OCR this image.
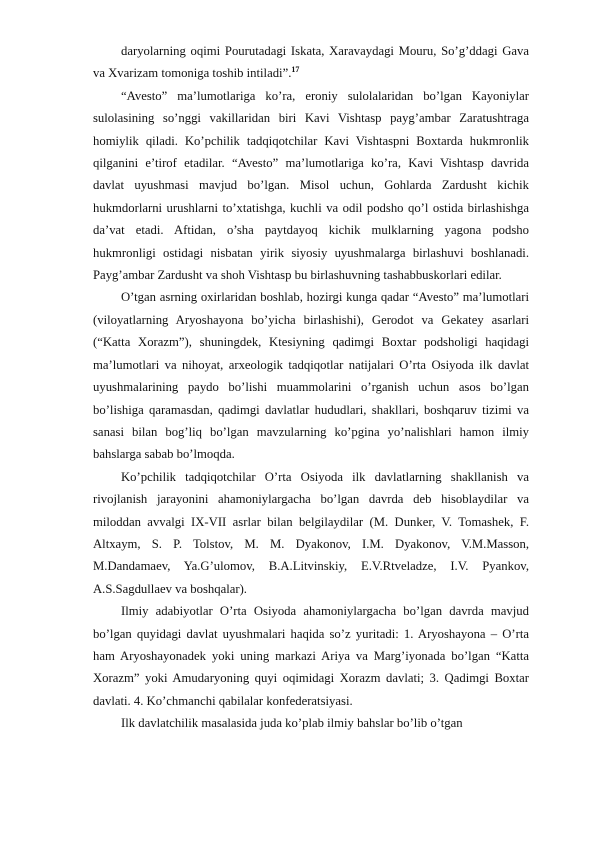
daryolarning oqimi Pourutadagi Iskata, Xaravaydagi Mouru, So’g’ddagi Gava va Xvarizam tomoniga toshib intiladi”.$^{17}$

“Avesto” ma’lumotlariga ko’ra, eroniy sulolalaridan bo’lgan Kayoniylar sulolasining so’nggi vakillaridan biri Kavi Vishtasp payg’ambar Zaratushtraga homiylik qiladi. Ko’pchilik tadqiqotchilar Kavi Vishtaspni Boxtarda hukmronlik qilganini e’tirof etadilar. “Avesto” ma’lumotlariga ko’ra, Kavi Vishtasp davrida davlat uyushmasi mavjud bo’lgan. Misol uchun, Gohlarda Zardusht kichik hukmdorlarni urushlarni to’xtatishga, kuchli va odil podsho qo’l ostida birlashishga da’vat etadi. Aftidan, o’sha paytdayoq kichik mulklarning yagona podsho hukmronligi ostidagi nisbatan yirik siyosiy uyushmalarga birlashuvi boshlanadi. Payg’ambar Zardusht va shoh Vishtasp bu birlashuvning tashabbuskorlari edilar.

O’tgan asrning oxirlaridan boshlab, hozirgi kunga qadar “Avesto” ma’lumotlari (viloyatlarning Aryoshayona bo’yicha birlashishi), Gerodot va Gekatey asarlari (“Katta Xorazm”), shuningdek, Ktesiyning qadimgi Boxtar podsholigi haqidagi ma’lumotlari va nihoyat, arxeologik tadqiqotlar natijalari O’rta Osiyoda ilk davlat uyushmalarining paydo bo’lishi muammolarini o’rganish uchun asos bo’lgan bo’lishiga qaramasdan, qadimgi davlatlar hududlari, shakllari, boshqaruv tizimi va sanasi bilan bog’liq bo’lgan mavzularning ko’pgina yo’nalishlari hamon ilmiy bahslarga sabab bo’lmoqda.

Ko’pchilik tadqiqotchilar O’rta Osiyoda ilk davlatlarning shakllanish va rivojlanish jarayonini ahamoniylargacha bo’lgan davrda deb hisoblaydilar va miloddan avvalgi IX-VII asrlar bilan belgilaydilar (M. Dunker, V. Tomashek, F. Altxaym, S. P. Tolstov, M. M. Dyakonov, I.M. Dyakonov, V.M.Masson, M.Dandamaev, Ya.G’ulomov, B.A.Litvinskiy, E.V.Rtveladze, I.V. Pyankov, A.S.Sagdullaev va boshqalar).

Ilmiy adabiyotlar O’rta Osiyoda ahamoniylargacha bo’lgan davrda mavjud bo’lgan quyidagi davlat uyushmalari haqida so’z yuritadi: 1. Aryoshayona – O’rta ham Aryoshayonadek yoki uning markazi Ariya va Marg’iyonada bo’lgan “Katta Xorazm” yoki Amudaryoning quyi oqimidagi Xorazm davlati; 3. Qadimgi Boxtar davlati. 4. Ko’chmanchi qabilalar konfederatsiyasi.

Ilk davlatchilik masalasida juda ko’plab ilmiy bahslar bo’lib o’tgan
